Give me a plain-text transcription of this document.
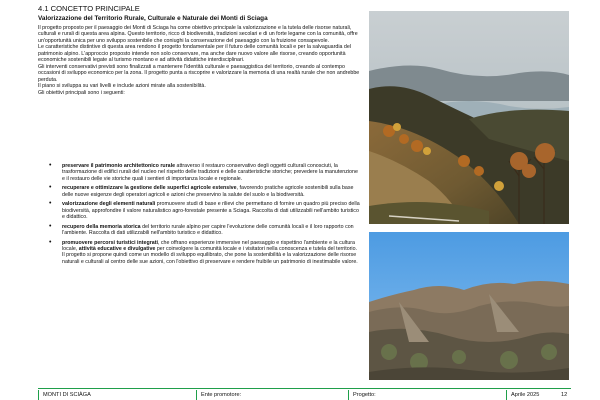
4.1 CONCETTO PRINCIPALE
Valorizzazione del Territorio Rurale, Culturale e Naturale dei Monti di Sciaga

Il progetto proposto per il paesaggio dei Monti di Sciaga ha come obiettivo principale la valorizzazione e la tutela delle risorse naturali, culturali e rurali di questa area alpina. Questo territorio, ricco di biodiversità, tradizioni secolari e di un forte legame con la comunità, offre un'opportunità unica per uno sviluppo sostenibile che coniughi la conservazione del paesaggio con la fruizione consapevole.

Le caratteristiche distintive di questa area rendono il progetto fondamentale per il futuro delle comunità locali e per la salvaguardia del patrimonio alpino. L'approccio proposto intende non solo conservare, ma anche dare nuovo valore alle risorse, creando opportunità economiche sostenibili legate al turismo montano e ad attività didattiche interdisciplinari.

Gli interventi conservativi previsti sono finalizzati a mantenere l'identità culturale e paesaggistica del territorio, creando al contempo occasioni di sviluppo economico per la zona. Il progetto punta a riscoprire e valorizzare la memoria di una realtà rurale che non andrebbe perduta.

Il piano si sviluppa su vari livelli e include azioni mirate alla sostenibilità.

Gli obiettivi principali sono i seguenti:

• preservare il patrimonio architettonico rurale attraverso il restauro conservativo degli oggetti culturali conosciuti, la trasformazione di edifici rurali del nucleo nel rispetto delle tradizioni e delle caratteristiche storiche; prevedere la manutenzione e il restauro delle vie storiche quali i sentieri di importanza locale e regionale.
• recuperare e ottimizzare la gestione delle superfici agricole estensive, favorendo pratiche agricole sostenibili sulla base delle nuove esigenze degli operatori agricoli e azioni che preservino la salute del suolo e la biodiversità.
• valorizzazione degli elementi naturali promuovere studi di base e rilievi che permettano di fornire un quadro più preciso della biodiversità, approfondire il valore naturalistico agro-forestale presente a Sciaga. Raccolta di dati utilizzabili nell'ambito turistico e didattico.
• recupero della memoria storica del territorio rurale alpino per capire l'evoluzione delle comunità locali e il loro rapporto con l'ambiente. Raccolta di dati utilizzabili nell'ambito turistico e didattico.
• promuovere percorsi turistici integrati, che offrano esperienze immersive nel paesaggio e rispettino l'ambiente e la cultura locale, attività educative e divulgative per coinvolgere la comunità locale e i visitatori nella conoscenza e tutela del territorio.

Il progetto si propone quindi come un modello di sviluppo equilibrato, che pone la sostenibilità e la valorizzazione delle risorse naturali e culturali al centro delle sue azioni, con l'obiettivo di preservare e rendere fruibile un patrimonio di inestimabile valore.

MONTI DI SCIÀGA	Ente promotore:	Progetto:	Aprile 2025	12
